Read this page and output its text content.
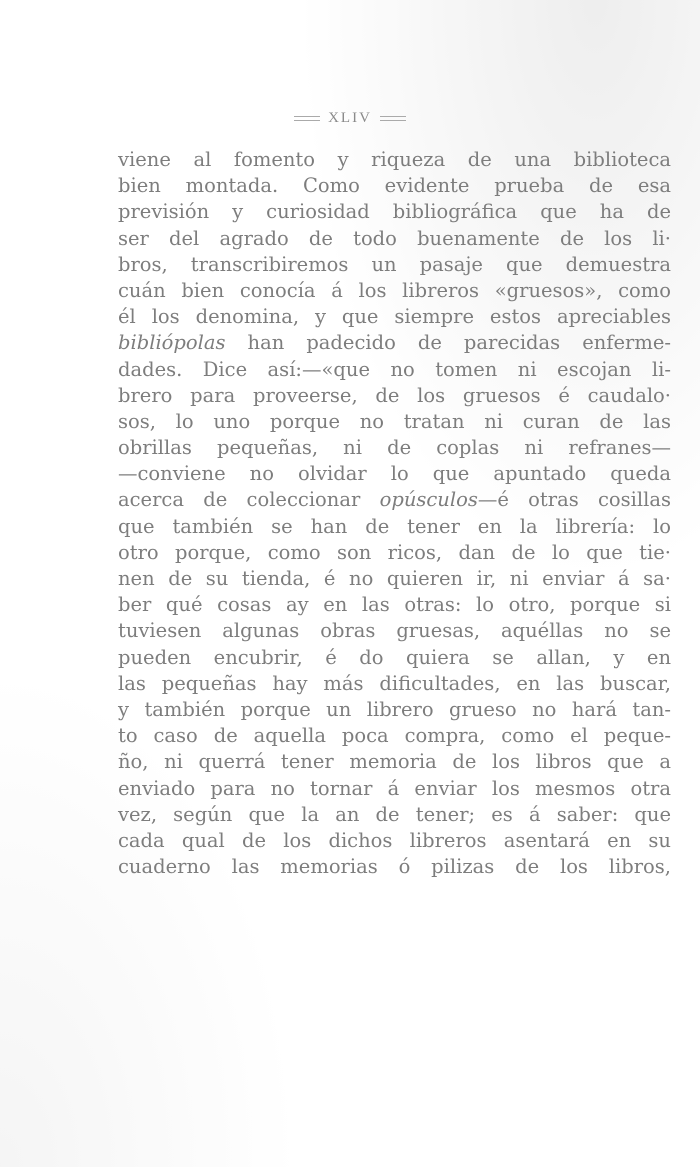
XLIV
viene al fomento y riqueza de una biblioteca
bien montada. Como evidente prueba de esa
previsión y curiosidad bibliográfica que ha de
ser del agrado de todo buenamente de los li·
bros, transcribiremos un pasaje que demuestra
cuán bien conocía á los libreros «gruesos», como
él los denomina, y que siempre estos apreciables
bibliópolas han padecido de parecidas enferme-
dades. Dice así:—«que no tomen ni escojan li-
brero para proveerse, de los gruesos é caudalo·
sos, lo uno porque no tratan ni curan de las
obrillas pequeñas, ni de coplas ni refranes—
—conviene no olvidar lo que apuntado queda
acerca de coleccionar opúsculos—é otras cosillas
que también se han de tener en la librería: lo
otro porque, como son ricos, dan de lo que tie·
nen de su tienda, é no quieren ir, ni enviar á sa·
ber qué cosas ay en las otras: lo otro, porque si
tuviesen algunas obras gruesas, aquéllas no se
pueden encubrir, é do quiera se allan, y en
las pequeñas hay más dificultades, en las buscar,
y también porque un librero grueso no hará tan-
to caso de aquella poca compra, como el peque-
ño, ni querrá tener memoria de los libros que a
enviado para no tornar á enviar los mesmos otra
vez, según que la an de tener; es á saber: que
cada qual de los dichos libreros asentará en su
cuaderno las memorias ó pilizas de los libros,
